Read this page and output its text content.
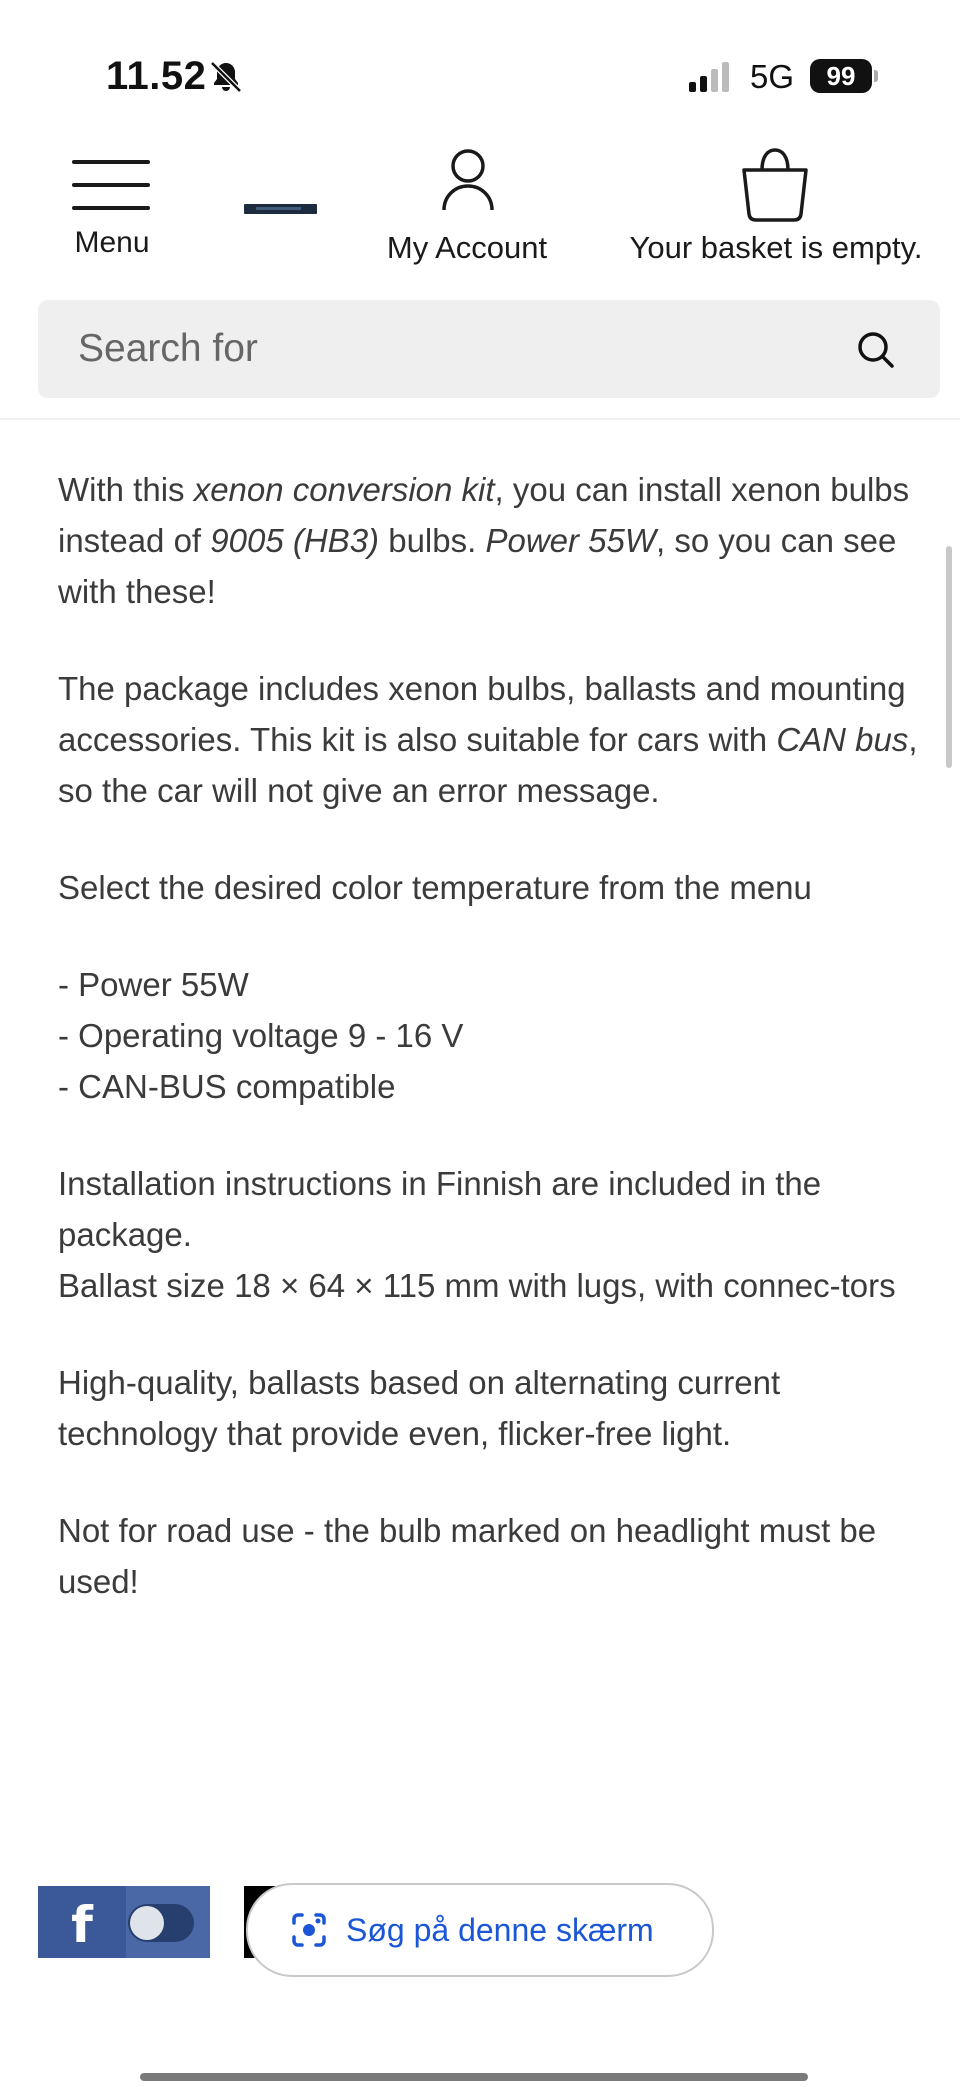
11.52	5G	99
Menu	My Account	Your basket is empty.
Search for

With this xenon conversion kit, you can install xenon bulbs instead of 9005 (HB3) bulbs. Power 55W, so you can see with these!

The package includes xenon bulbs, ballasts and mounting accessories. This kit is also suitable for cars with CAN bus, so the car will not give an error message.

Select the desired color temperature from the menu

- Power 55W
- Operating voltage 9 - 16 V
- CAN-BUS compatible

Installation instructions in Finnish are included in the package.
Ballast size 18 × 64 × 115 mm with lugs, with connec-tors

High-quality, ballasts based on alternating current technology that provide even, flicker-free light.

Not for road use - the bulb marked on headlight must be used!

f	Søg på denne skærm
